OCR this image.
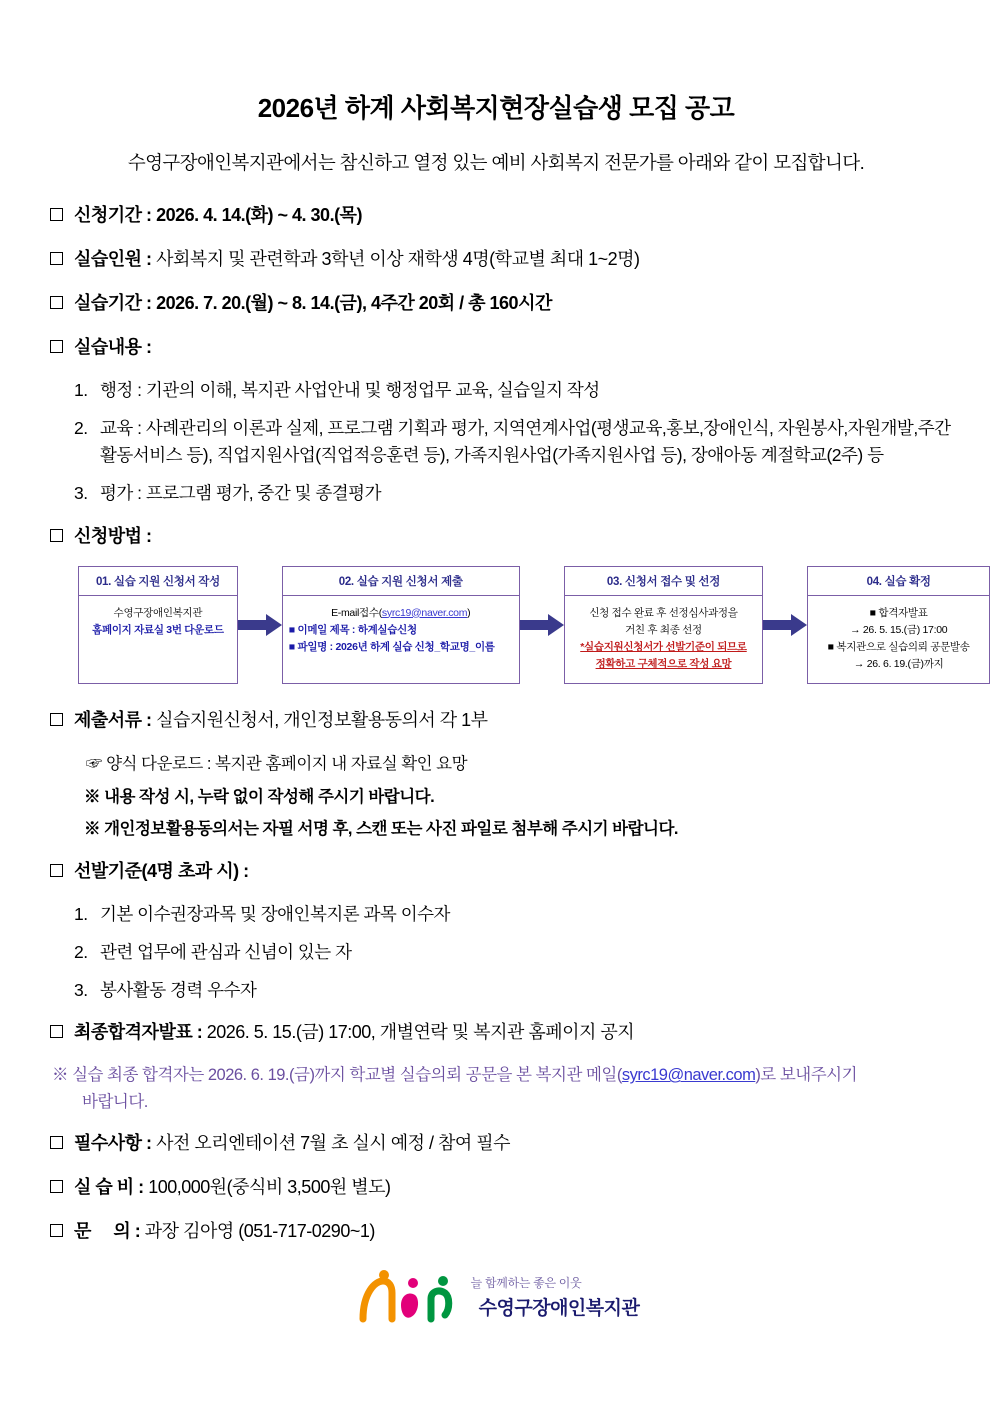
2026년 하계 사회복지현장실습생 모집 공고

수영구장애인복지관에서는 참신하고 열정 있는 예비 사회복지 전문가를 아래와 같이 모집합니다.

신청기간 : 2026. 4. 14.(화) ~ 4. 30.(목)
실습인원 : 사회복지 및 관련학과 3학년 이상 재학생 4명(학교별 최대 1~2명)
실습기간 : 2026. 7. 20.(월) ~ 8. 14.(금), 4주간 20회 / 총 160시간
실습내용 :
1. 행정 : 기관의 이해, 복지관 사업안내 및 행정업무 교육, 실습일지 작성
2. 교육 : 사례관리의 이론과 실제, 프로그램 기획과 평가, 지역연계사업(평생교육,홍보,장애인식, 자원봉사,자원개발,주간활동서비스 등), 직업지원사업(직업적응훈련 등), 가족지원사업(가족지원사업 등), 장애아동 계절학교(2주) 등
3. 평가 : 프로그램 평가, 중간 및 종결평가
신청방법 :
01. 실습 지원 신청서 작성
수영구장애인복지관
홈페이지 자료실 3번 다운로드
02. 실습 지원 신청서 제출
E-mail접수(syrc19@naver.com)
■ 이메일 제목 : 하계실습신청
■ 파일명 : 2026년 하계 실습 신청_학교명_이름
03. 신청서 접수 및 선정
신청 접수 완료 후 선정심사과정을
거친 후 최종 선정
*실습지원신청서가 선발기준이 되므로
정확하고 구체적으로 작성 요망
04. 실습 확정
■ 합격자발표
→ 26. 5. 15.(금) 17:00
■ 복지관으로 실습의뢰 공문발송
→ 26. 6. 19.(금)까지
제출서류 : 실습지원신청서, 개인정보활용동의서 각 1부
☞ 양식 다운로드 : 복지관 홈페이지 내 자료실 확인 요망
※ 내용 작성 시, 누락 없이 작성해 주시기 바랍니다.
※ 개인정보활용동의서는 자필 서명 후, 스캔 또는 사진 파일로 첨부해 주시기 바랍니다.
선발기준(4명 초과 시) :
1. 기본 이수권장과목 및 장애인복지론 과목 이수자
2. 관련 업무에 관심과 신념이 있는 자
3. 봉사활동 경력 우수자
최종합격자발표 : 2026. 5. 15.(금) 17:00, 개별연락 및 복지관 홈페이지 공지
※ 실습 최종 합격자는 2026. 6. 19.(금)까지 학교별 실습의뢰 공문을 본 복지관 메일(syrc19@naver.com)로 보내주시기
바랍니다.
필수사항 : 사전 오리엔테이션 7월 초 실시 예정 / 참여 필수
실 습 비 : 100,000원(중식비 3,500원 별도)
문     의 : 과장 김아영 (051-717-0290~1)
늘 함께하는 좋은 이웃
수영구장애인복지관
